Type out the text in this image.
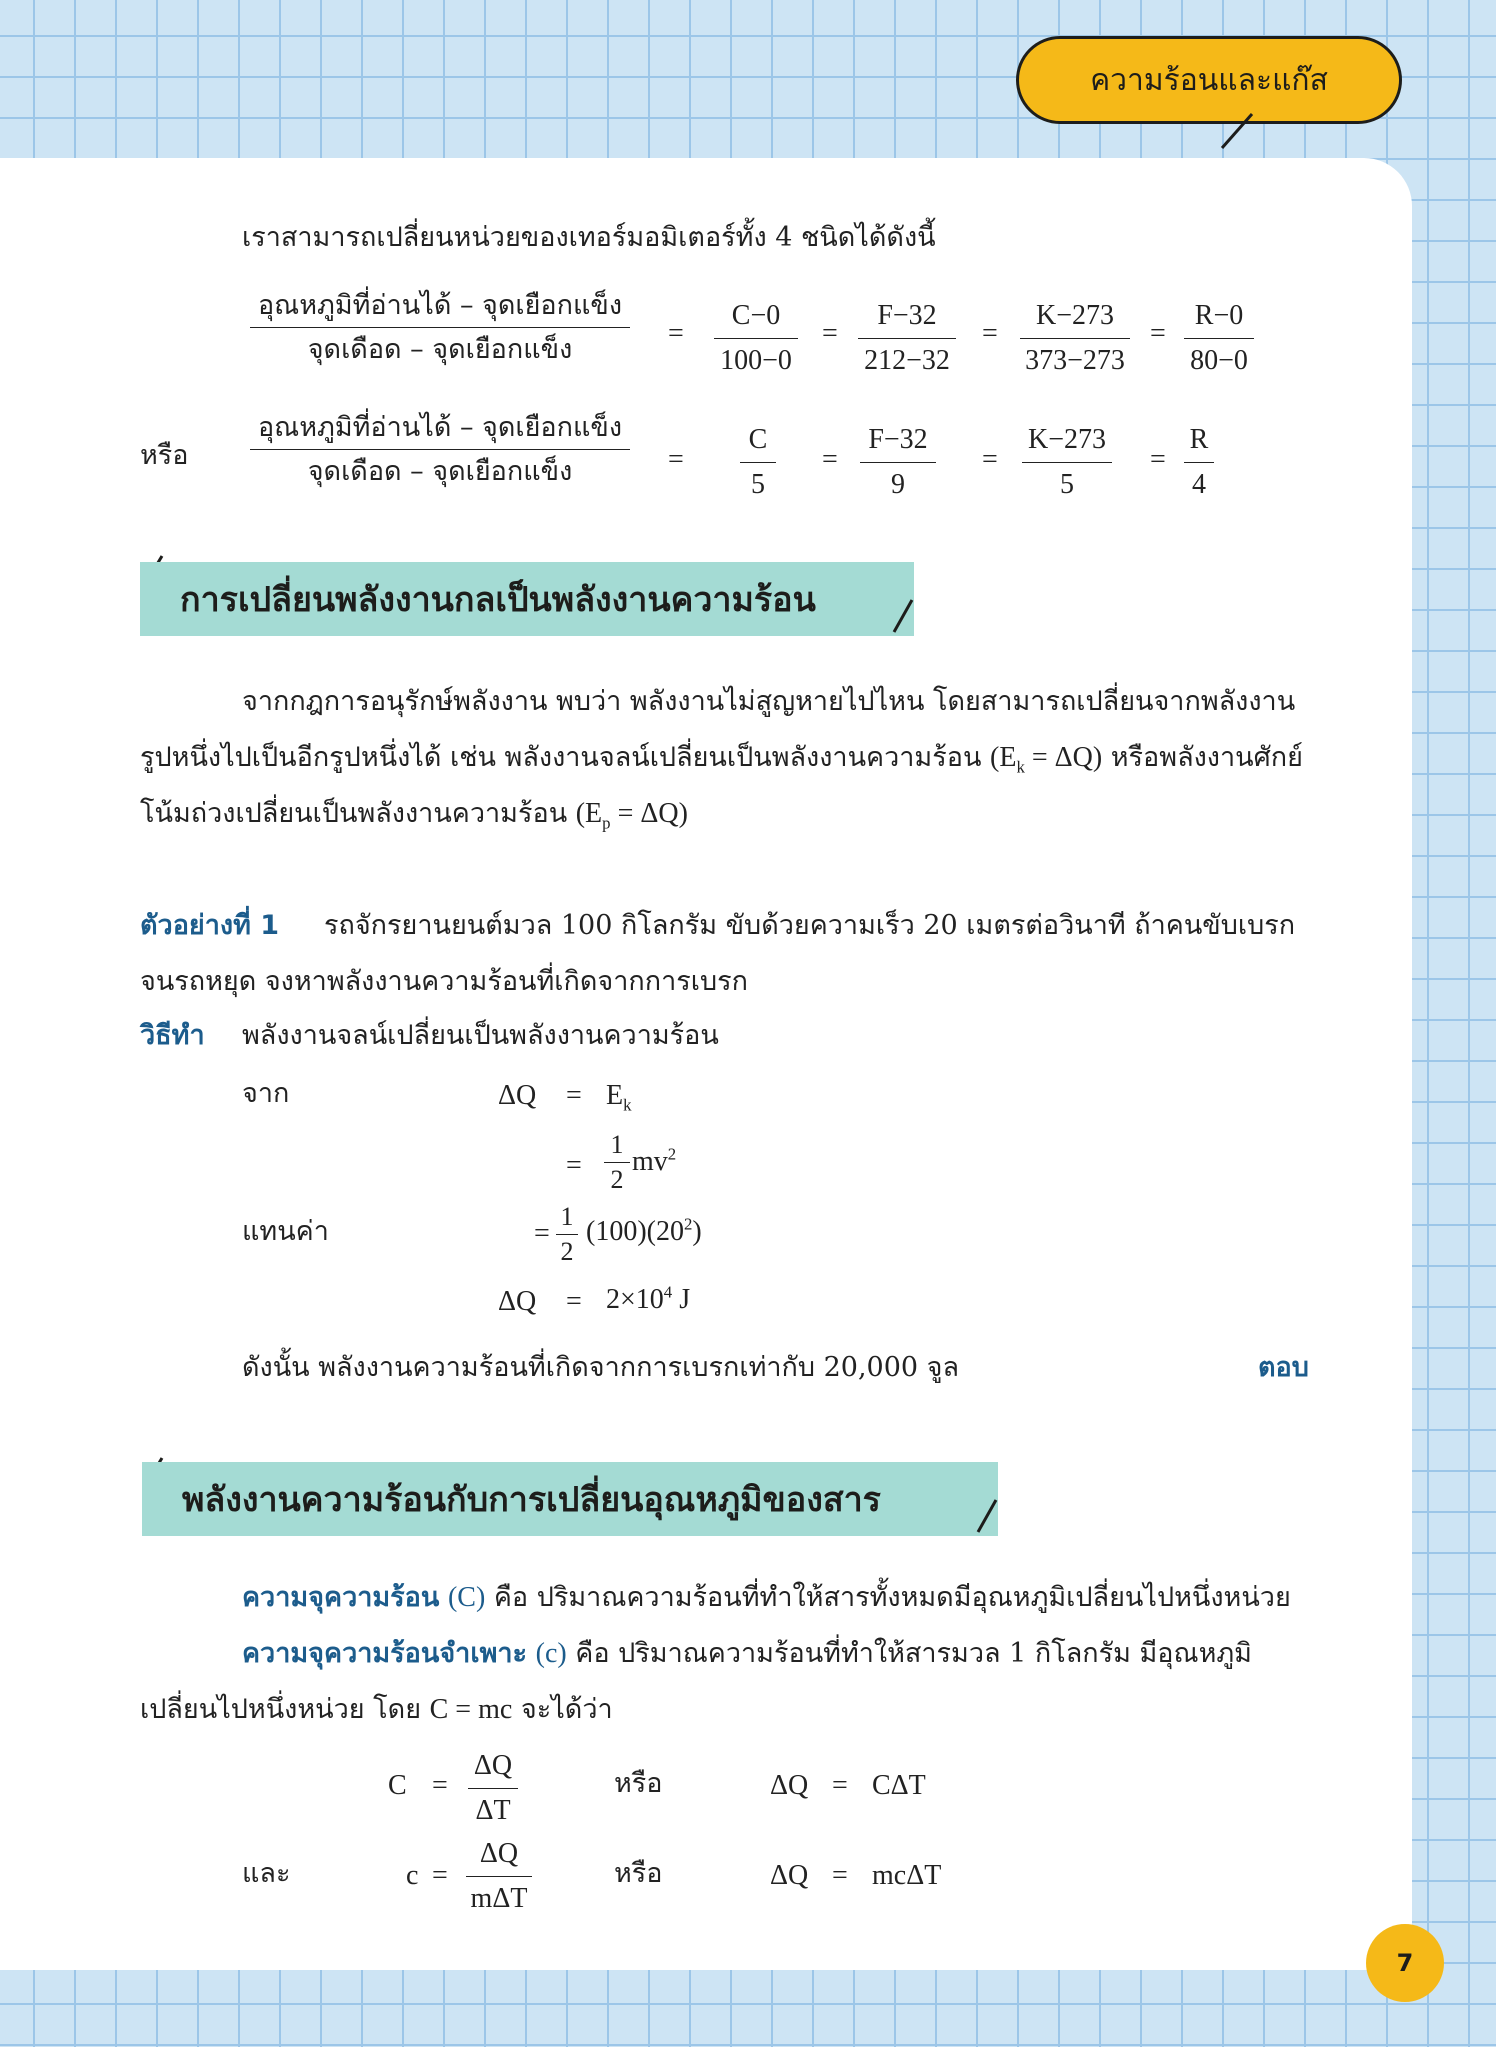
ความร้อนและแก๊ส
เราสามารถเปลี่ยนหน่วยของเทอร์มอมิเตอร์ทั้ง 4 ชนิดได้ดังนี้
อุณหภูมิที่อ่านได้ – จุดเยือกแข็ง
จุดเดือด – จุดเยือกแข็ง
= $\frac{C-0}{100-0} = \frac{F-32}{212-32} = \frac{K-273}{373-273} = \frac{R-0}{80-0}$
หรือ
อุณหภูมิที่อ่านได้ – จุดเยือกแข็ง
จุดเดือด – จุดเยือกแข็ง	= $\frac{C}{5} = \frac{F-32}{9} = \frac{K-273}{5} = \frac{R}{4}$
การเปลี่ยนพลังงานกลเป็นพลังงานความร้อน
จากกฎการอนุรักษ์พลังงาน พบว่า พลังงานไม่สูญหายไปไหน โดยสามารถเปลี่ยนจากพลังงาน
รูปหนึ่งไปเป็นอีกรูปหนึ่งได้ เช่น พลังงานจลน์เปลี่ยนเป็นพลังงานความร้อน $(E_k = \Delta Q)$ หรือพลังงานศักย์
โน้มถ่วงเปลี่ยนเป็นพลังงานความร้อน $(E_p = \Delta Q)$
ตัวอย่างที่ 1 รถจักรยานยนต์มวล 100 กิโลกรัม ขับด้วยความเร็ว 20 เมตรต่อวินาที ถ้าคนขับเบรก
จนรถหยุด จงหาพลังงานความร้อนที่เกิดจากการเบรก
วิธีทำ พลังงานจลน์เปลี่ยนเป็นพลังงานความร้อน
จาก	$\Delta Q = E_k$
= $\frac{1}{2} mv^2$
แทนค่า	= $\frac{1}{2} (100)(20^2)$
$\Delta Q = 2\times 10^4$ J
ดังนั้น พลังงานความร้อนที่เกิดจากการเบรกเท่ากับ 20,000 จูล	ตอบ
พลังงานความร้อนกับการเปลี่ยนอุณหภูมิของสาร
ความจุความร้อน (C) คือ ปริมาณความร้อนที่ทำให้สารทั้งหมดมีอุณหภูมิเปลี่ยนไปหนึ่งหน่วย
ความจุความร้อนจำเพาะ (c) คือ ปริมาณความร้อนที่ทำให้สารมวล 1 กิโลกรัม มีอุณหภูมิ
เปลี่ยนไปหนึ่งหน่วย โดย C = mc จะได้ว่า
$C = \frac{\Delta Q}{\Delta T}$	หรือ	ΔQ = CΔT
และ	c =
ΔQ
mΔT
หรือ	ΔQ = mcΔT
7
